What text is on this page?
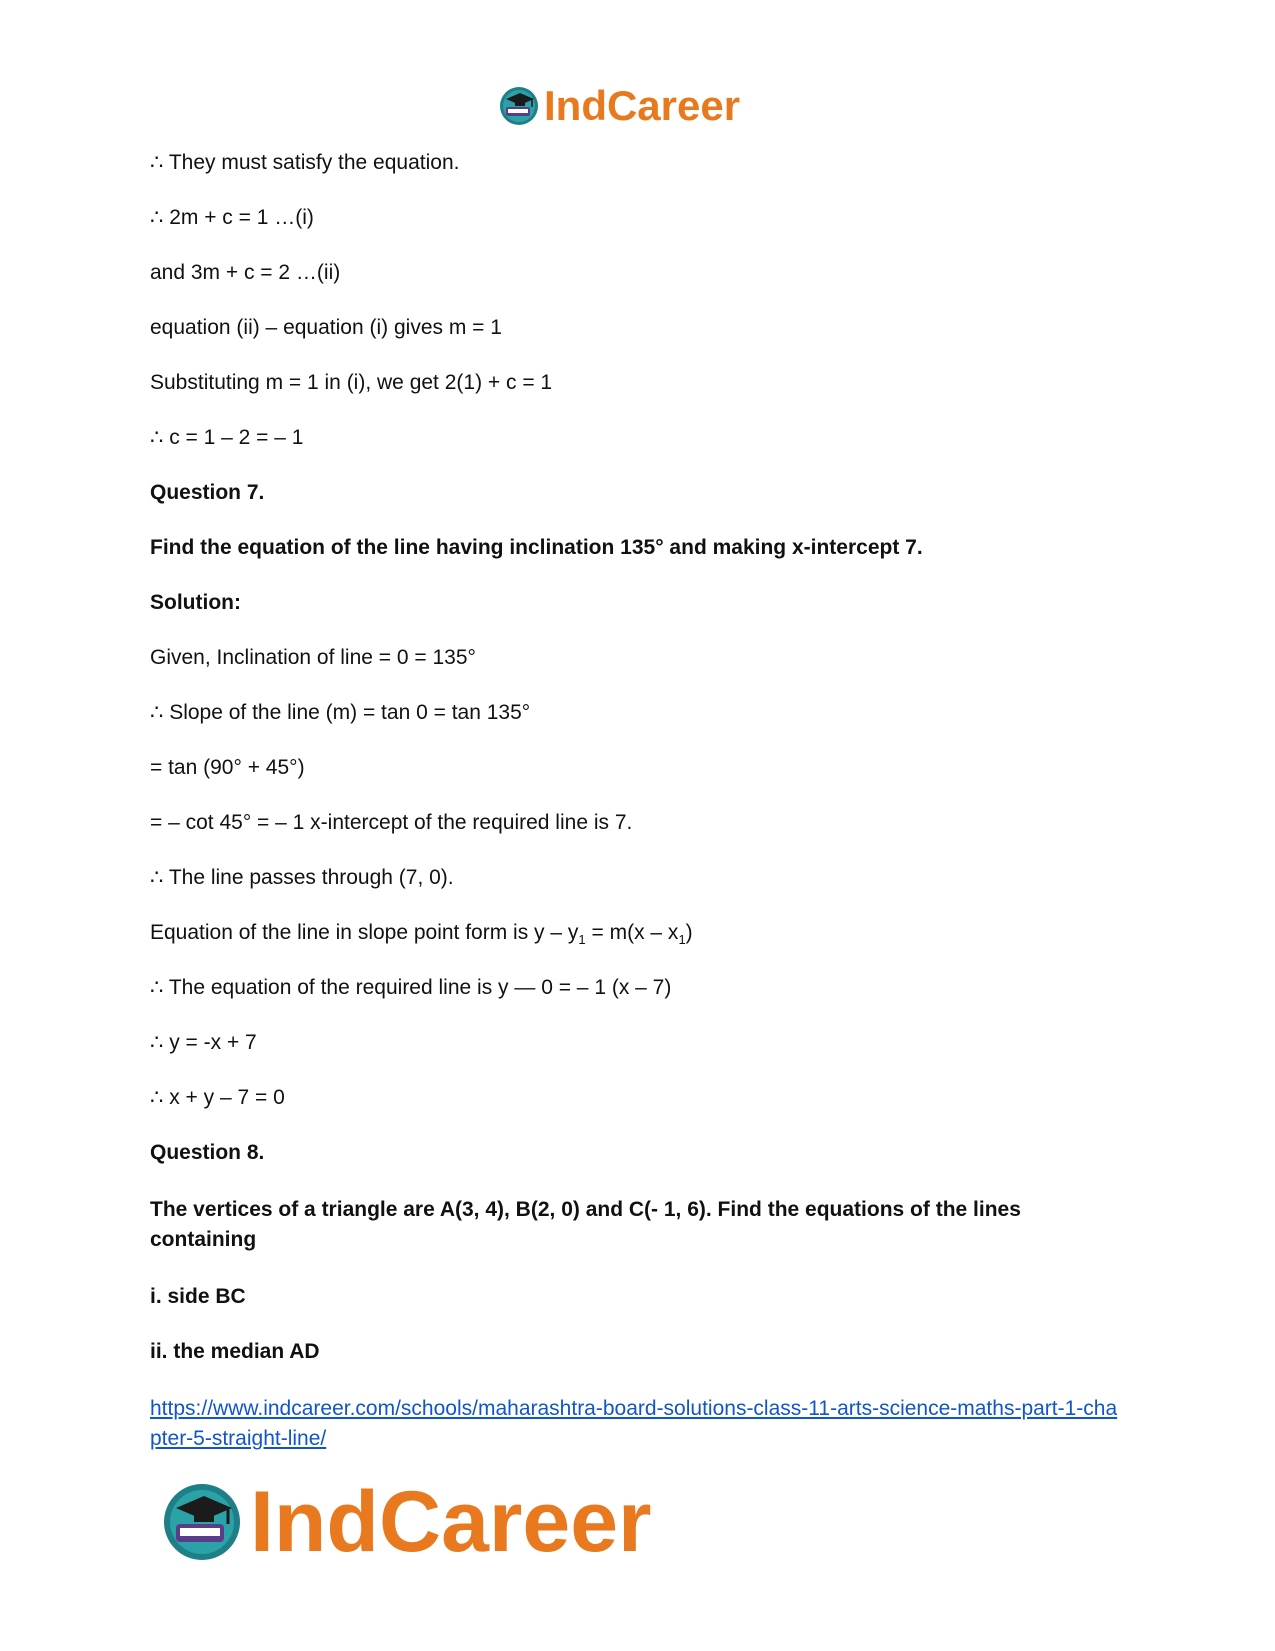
IndCareer

∴ They must satisfy the equation.

∴ 2m + c = 1 …(i)

and 3m + c = 2 …(ii)

equation (ii) – equation (i) gives m = 1

Substituting m = 1 in (i), we get 2(1) + c = 1

∴ c = 1 – 2 = – 1

Question 7.

Find the equation of the line having inclination 135° and making x-intercept 7.

Solution:

Given, Inclination of line = 0 = 135°

∴ Slope of the line (m) = tan 0 = tan 135°

= tan (90° + 45°)

= – cot 45° = – 1 x-intercept of the required line is 7.

∴ The line passes through (7, 0).

Equation of the line in slope point form is $y - y_1 = m(x - x_1)$

∴ The equation of the required line is y — 0 = – 1 (x – 7)

∴ y = -x + 7

∴ x + y – 7 = 0

Question 8.

The vertices of a triangle are A(3, 4), B(2, 0) and C(- 1, 6). Find the equations of the lines containing

i. side BC

ii. the median AD

https://www.indcareer.com/schools/maharashtra-board-solutions-class-11-arts-science-maths-part-1-chapter-5-straight-line/
IndCareer
